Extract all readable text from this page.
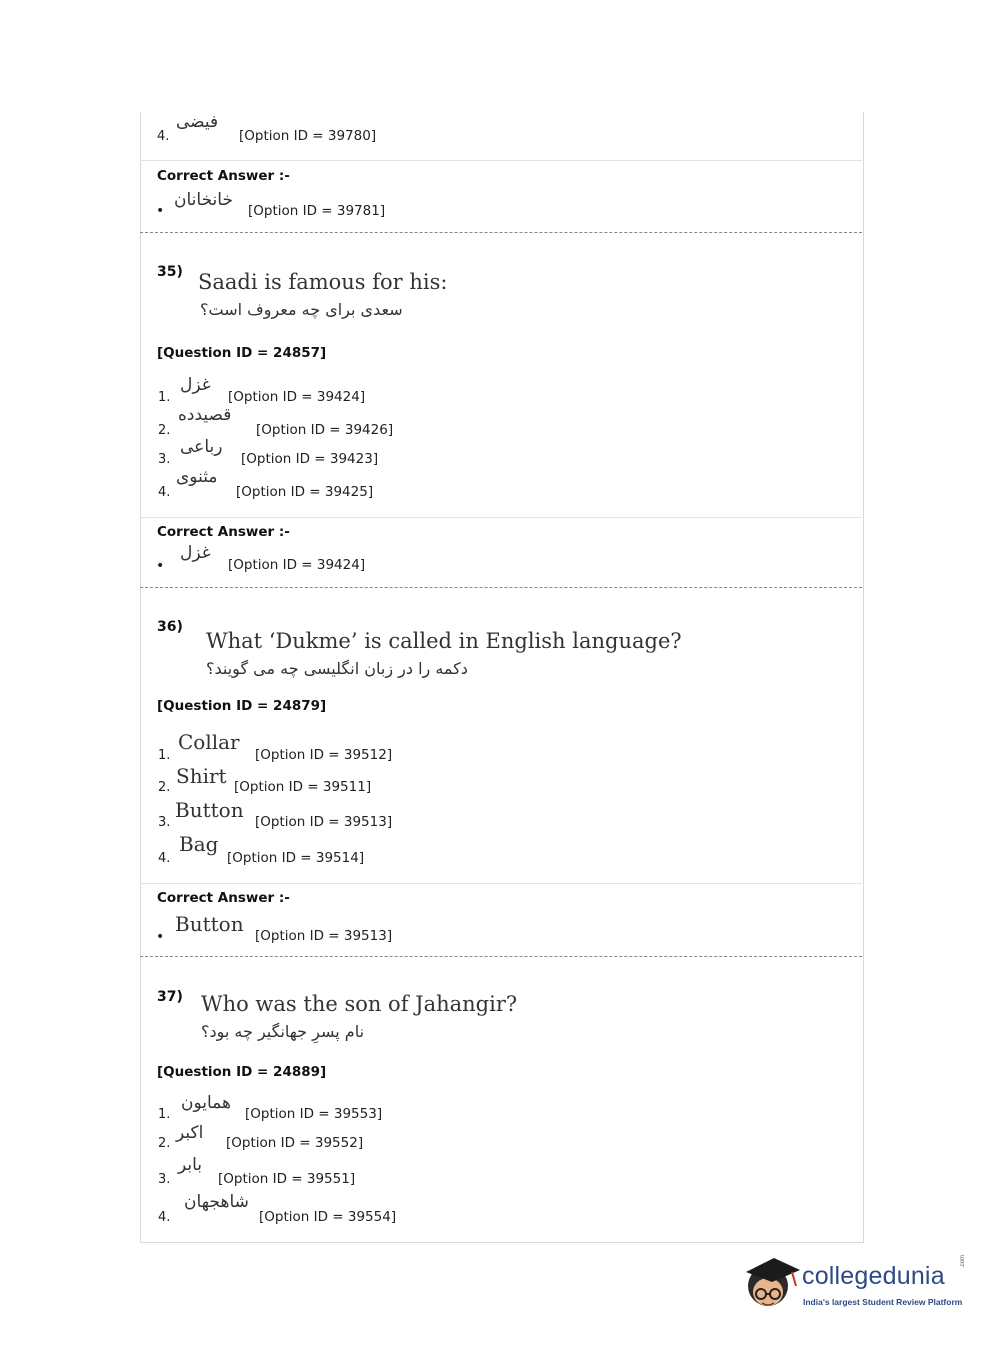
4.
فیضی
[Option ID = 39780]
Correct Answer :-
•
خانخانان
[Option ID = 39781]
35) Saadi is famous for his:
سعدی برای چه معروف است؟
[Question ID = 24857]
1.
غزل
[Option ID = 39424]
2.
قصیدده
[Option ID = 39426]
3.
رباعی
[Option ID = 39423]
4.
مثنوی
[Option ID = 39425]
Correct Answer :-
•
غزل
[Option ID = 39424]
36)
What ‘Dukme’ is called in English language?
دکمه را در زبان انگلیسی چه می گویند؟
[Question ID = 24879]
1.
Collar
[Option ID = 39512]
2. Shirt [Option ID = 39511]
3.
Button [Option ID = 39513]
4.
Bag
[Option ID = 39514]
Correct Answer :-
•
Button [Option ID = 39513]
37) Who was the son of Jahangir?
نام پسرِ جهانگیر چه بود؟
[Question ID = 24889]
1.
همایون
[Option ID = 39553]
2.
اکبر [Option ID = 39552]
3.
بابر
[Option ID = 39551]
4.
شاهجهان
[Option ID = 39554]
collegedunia
.com
India's largest Student Review Platform
